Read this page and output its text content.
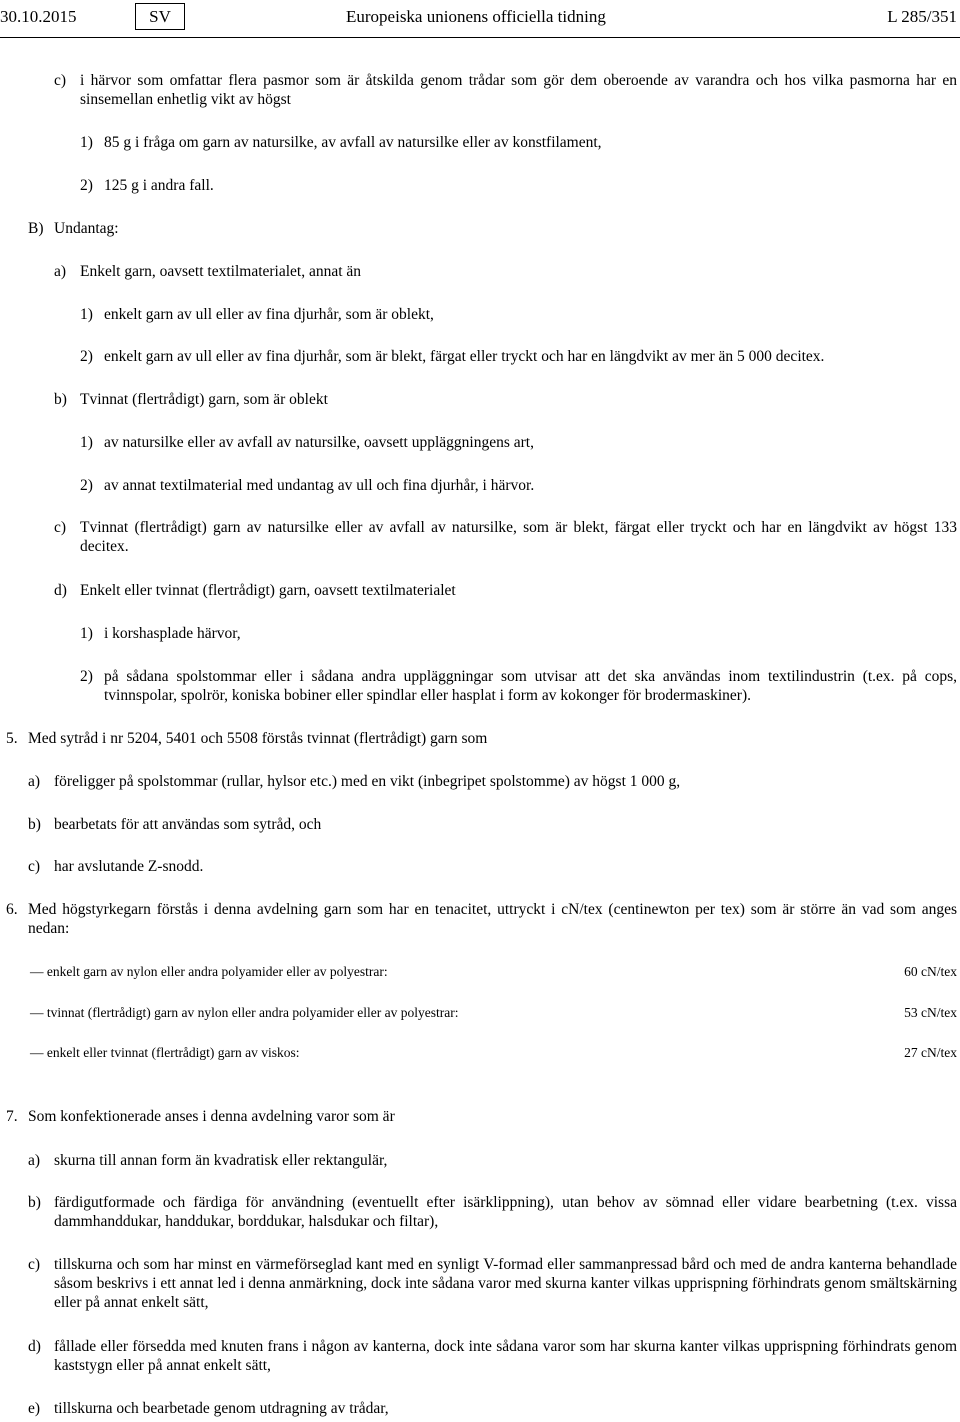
30.10.2015	SV	Europeiska unionens officiella tidning	L 285/351
c) i härvor som omfattar flera pasmor som är åtskilda genom trådar som gör dem oberoende av varandra och hos vilka pasmorna har en sinsemellan enhetlig vikt av högst
1) 85 g i fråga om garn av natursilke, av avfall av natursilke eller av konstfilament,
2) 125 g i andra fall.
B) Undantag:
a) Enkelt garn, oavsett textilmaterialet, annat än
1) enkelt garn av ull eller av fina djurhår, som är oblekt,
2) enkelt garn av ull eller av fina djurhår, som är blekt, färgat eller tryckt och har en längdvikt av mer än 5 000 decitex.
b) Tvinnat (flertrådigt) garn, som är oblekt
1) av natursilke eller av avfall av natursilke, oavsett uppläggningens art,
2) av annat textilmaterial med undantag av ull och fina djurhår, i härvor.
c) Tvinnat (flertrådigt) garn av natursilke eller av avfall av natursilke, som är blekt, färgat eller tryckt och har en längdvikt av högst 133 decitex.
d) Enkelt eller tvinnat (flertrådigt) garn, oavsett textilmaterialet
1) i korshasplade härvor,
2) på sådana spolstommar eller i sådana andra uppläggningar som utvisar att det ska användas inom textilindustrin (t.ex. på cops, tvinnspolar, spolrör, koniska bobiner eller spindlar eller hasplat i form av kokonger för brodermaskiner).
5. Med sytråd i nr 5204, 5401 och 5508 förstås tvinnat (flertrådigt) garn som
a) föreligger på spolstommar (rullar, hylsor etc.) med en vikt (inbegripet spolstomme) av högst 1 000 g,
b) bearbetats för att användas som sytråd, och
c) har avslutande Z-snodd.
6. Med högstyrkegarn förstås i denna avdelning garn som har en tenacitet, uttryckt i cN/tex (centinewton per tex) som är större än vad som anges nedan:
— enkelt garn av nylon eller andra polyamider eller av polyestrar:	60 cN/tex
— tvinnat (flertrådigt) garn av nylon eller andra polyamider eller av polyestrar:	53 cN/tex
— enkelt eller tvinnat (flertrådigt) garn av viskos:	27 cN/tex
7. Som konfektionerade anses i denna avdelning varor som är
a) skurna till annan form än kvadratisk eller rektangulär,
b) färdigutformade och färdiga för användning (eventuellt efter isärklippning), utan behov av sömnad eller vidare bearbetning (t.ex. vissa dammhanddukar, handdukar, borddukar, halsdukar och filtar),
c) tillskurna och som har minst en värmeförseglad kant med en synligt V-formad eller sammanpressad bård och med de andra kanterna behandlade såsom beskrivs i ett annat led i denna anmärkning, dock inte sådana varor med skurna kanter vilkas upprispning förhindrats genom smältskärning eller på annat enkelt sätt,
d) fållade eller försedda med knuten frans i någon av kanterna, dock inte sådana varor som har skurna kanter vilkas upprispning förhindrats genom kaststygn eller på annat enkelt sätt,
e) tillskurna och bearbetade genom utdragning av trådar,
